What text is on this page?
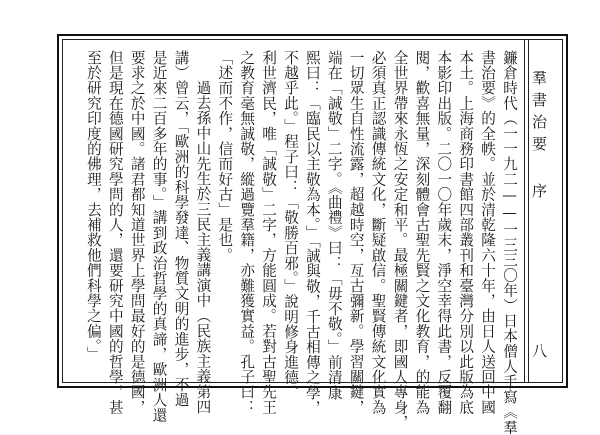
鐮倉時代（一一九二——一三三〇年）日本僧人手寫《羣
書治要》的全帙。並於清乾隆六十年，由日人送回中國
本土。上海商務印書館四部叢刊和臺灣分別以此版為底
本影印出版。二〇一〇年歲末，淨空幸得此書，反覆翻
閱，歡喜無量，深刻體會古聖先賢之文化教育，的能為
全世界帶來永恆之安定和平。最極關鍵者，即國人專身，
必須真正認識傳統文化，斷疑啟信。聖賢傳統文化實為
一切眾生自性流露，超越時空，亙古彌新。學習關鍵，
端在「誠敬」二字。《曲禮》曰：「毋不敬。」前清康
熙曰：「臨民以主敬為本。」「誠與敬，千古相傳之學，
不越乎此。」程子曰：「敬勝百邪。」說明修身進德、
利世濟民，唯「誠敬」二字，方能圓成。若對古聖先王
之教育毫無誠敬，縱過覽羣籍，亦難獲實益。孔子曰：
「述而不作，信而好古」是也。
過去孫中山先生於三民主義講演中（民族主義第四
講）曾云，「歐洲的科學發達、物質文明的進步，不過
是近來二百多年的事。」講到政治哲學的真諦，歐洲人還
要求之於中國。諸君都知道世界上學問最好的是德國，
但是現在德國研究學問的人，還要研究中國的哲學，甚
至於研究印度的佛理，去補救他們科學之偏。」	羣書治要 序
八
